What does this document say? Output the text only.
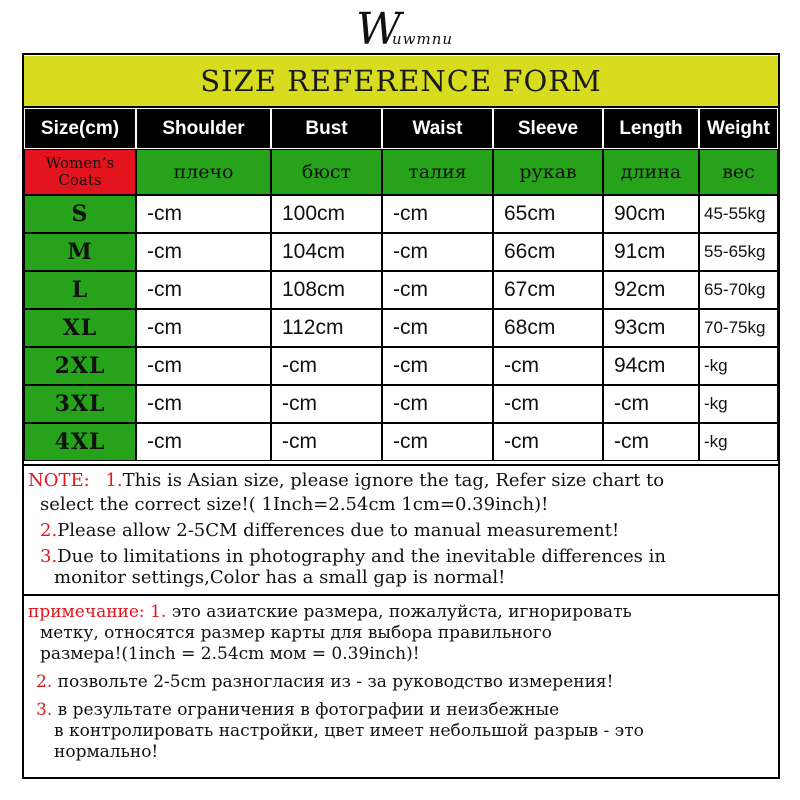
W
uwmnu
SIZE REFERENCE FORM
Size(cm)	Shoulder	Bust	Waist	Sleeve	Length	Weight
Women’s
Coats	плечо	бюст	талия	рукав	длина	вес
S	-cm	100cm	-cm	65cm	90cm	45-55kg
M	-cm	104cm	-cm	66cm	91cm	55-65kg
L	-cm	108cm	-cm	67cm	92cm	65-70kg
XL	-cm	112cm	-cm	68cm	93cm	70-75kg
2XL	-cm	-cm	-cm	-cm	94cm	-kg
3XL	-cm	-cm	-cm	-cm	-cm	-kg
4XL	-cm	-cm	-cm	-cm	-cm	-kg
NOTE: 1.This is Asian size, please ignore the tag, Refer size chart to
select the correct size!( 1Inch=2.54cm 1cm=0.39inch)!
2.Please allow 2-5CM differences due to manual measurement!
3.Due to limitations in photography and the inevitable differences in
monitor settings,Color has a small gap is normal!
примечание: 1. это азиатские размера, пожалуйста, игнорировать
метку, относятся размер карты для выбора правильного
размера!(1inch = 2.54cm мом = 0.39inch)!
2. позвольте 2-5cm разногласия из - за руководство измерения!
3. в результате ограничения в фотографии и неизбежные
в контролировать настройки, цвет имеет небольшой разрыв - это
нормально!
